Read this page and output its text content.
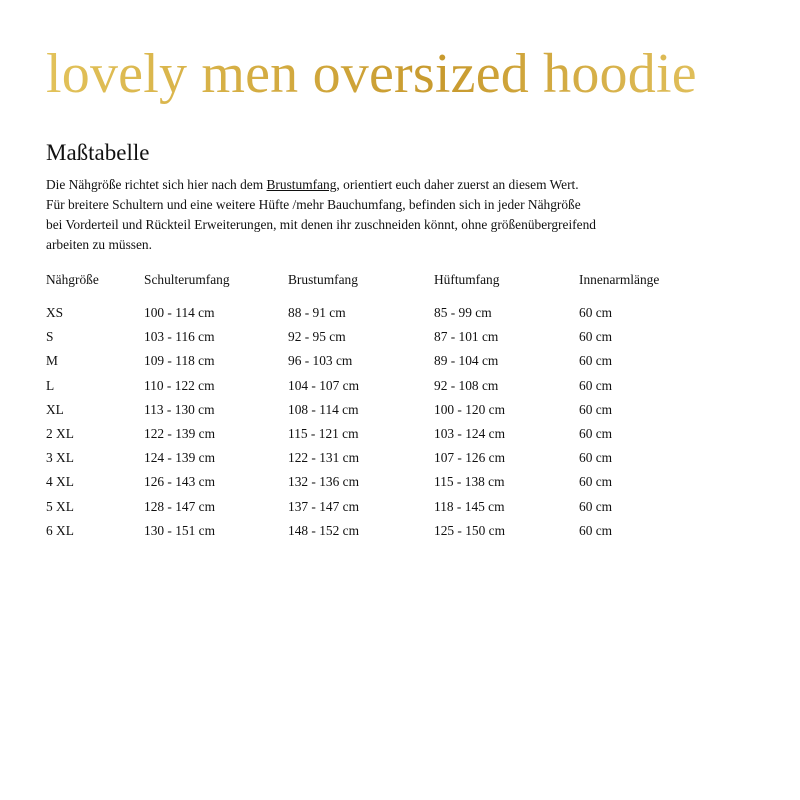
lovely men oversized hoodie
Maßtabelle
Die Nähgröße richtet sich hier nach dem Brustumfang, orientiert euch daher zuerst an diesem Wert.
Für breitere Schultern und eine weitere Hüfte /mehr Bauchumfang, befinden sich in jeder Nähgröße
bei Vorderteil und Rückteil Erweiterungen, mit denen ihr zuschneiden könnt, ohne größenübergreifend
arbeiten zu müssen.
Nähgröße	Schulterumfang	Brustumfang	Hüftumfang	Innenarmlänge
XS	100 - 114 cm	88 - 91 cm	85 - 99 cm	60 cm
S	103 - 116 cm	92 - 95 cm	87 - 101 cm	60 cm
M	109 - 118 cm	96 - 103 cm	89 - 104 cm	60 cm
L	110 - 122 cm	104 - 107 cm	92 - 108 cm	60 cm
XL	113 - 130 cm	108 - 114 cm	100 - 120 cm	60 cm
2 XL	122 - 139 cm	115 - 121 cm	103 - 124 cm	60 cm
3 XL	124 - 139 cm	122 - 131 cm	107 - 126 cm	60 cm
4 XL	126 - 143 cm	132 - 136 cm	115 - 138 cm	60 cm
5 XL	128 - 147 cm	137 - 147 cm	118 - 145 cm	60 cm
6 XL	130 - 151 cm	148 - 152 cm	125 - 150 cm	60 cm
